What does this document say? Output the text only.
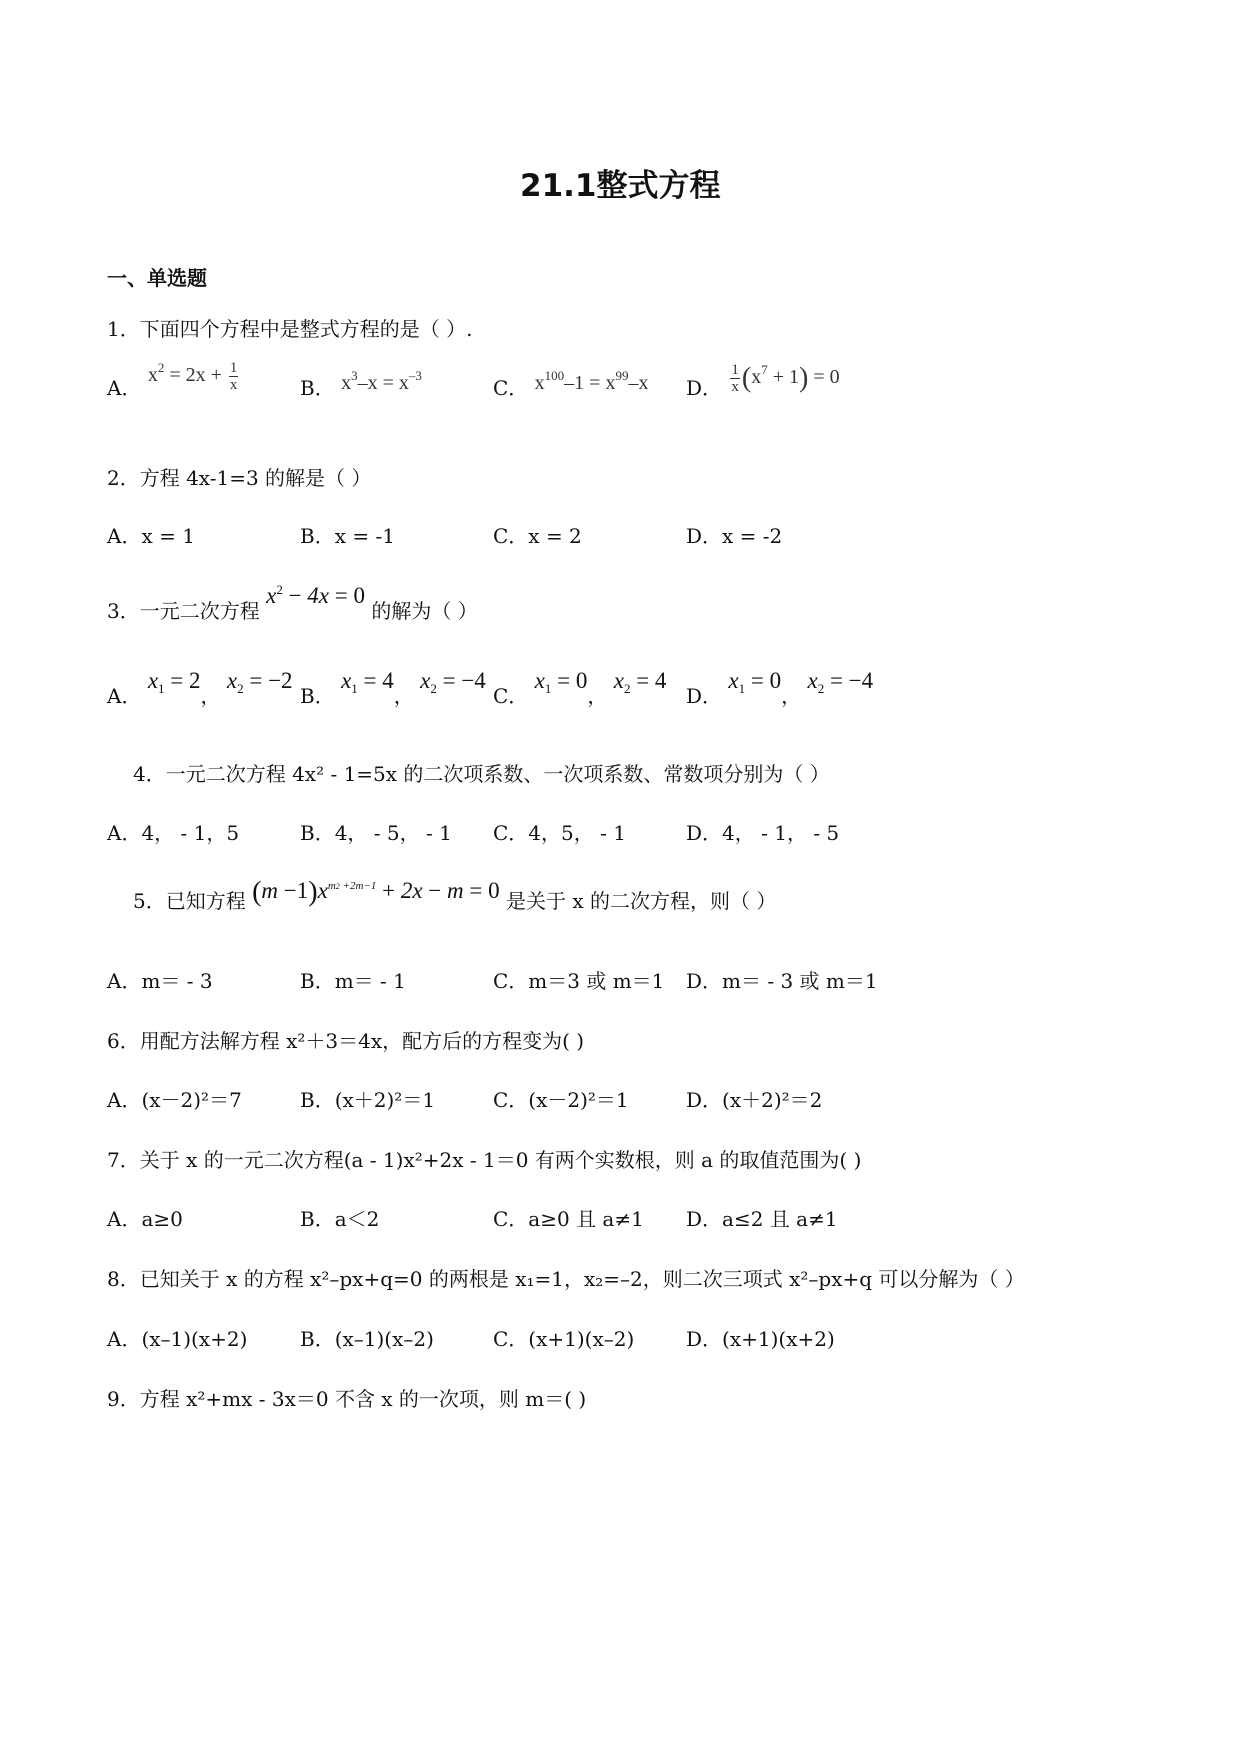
21.1整式方程
一、单选题
1．下面四个方程中是整式方程的是（ ）.
A． $x^2 = 2x + \frac{1}{x}$	B． $x^3-x = x^{-3}$
C． $x^{100}-1 = x^{99}-x$ D． $\frac{1}{x} (x^7 + 1) = 0$
2．方程 4x-1=3 的解是（ ）
A．x = 1	B．x = -1	C．x = 2	D．x = -2
3．一元二次方程 $x^2 - 4x = 0$ 的解为（ ）
A． $x_1 = 2$， $x_2 = -2$
B． $x_1 = 4$， $x_2 = -4$
C． $x_1 = 0$， $x_2 = 4$
D． $x_1 = 0$， $x_2 = -4$
4．一元二次方程 4x² ‑ 1=5x 的二次项系数、一次项系数、常数项分别为（ ）
A．4， - 1，5	B．4， - 5， - 1 C．4，5， - 1	D．4， - 1， - 5
5．已知方程 $(m -1)x^{m2 +2m-1} + 2x - m = 0$ 是关于 x 的二次方程，则（ ）
A．m＝ - 3	B．m＝ - 1	C．m＝3 或 m＝1 D．m＝ - 3 或 m＝1
6．用配方法解方程 x²＋3＝4x，配方后的方程变为( )
A．(x－2)²＝7	B．(x＋2)²＝1	C．(x－2)²＝1	D．(x＋2)²＝2
7．关于 x 的一元二次方程(a - 1)x²+2x - 1＝0 有两个实数根，则 a 的取值范围为( )
A．a≥0	B．a＜2	C．a≥0 且 a≠1 D．a≤2 且 a≠1
8．已知关于 x 的方程 x²–px+q=0 的两根是 x₁=1，x₂=–2，则二次三项式 x²–px+q 可以分解为（ ）
A．(x–1)(x+2)	B．(x–1)(x–2)	C．(x+1)(x–2)	D．(x+1)(x+2)
9．方程 x²+mx - 3x＝0 不含 x 的一次项，则 m＝( )
